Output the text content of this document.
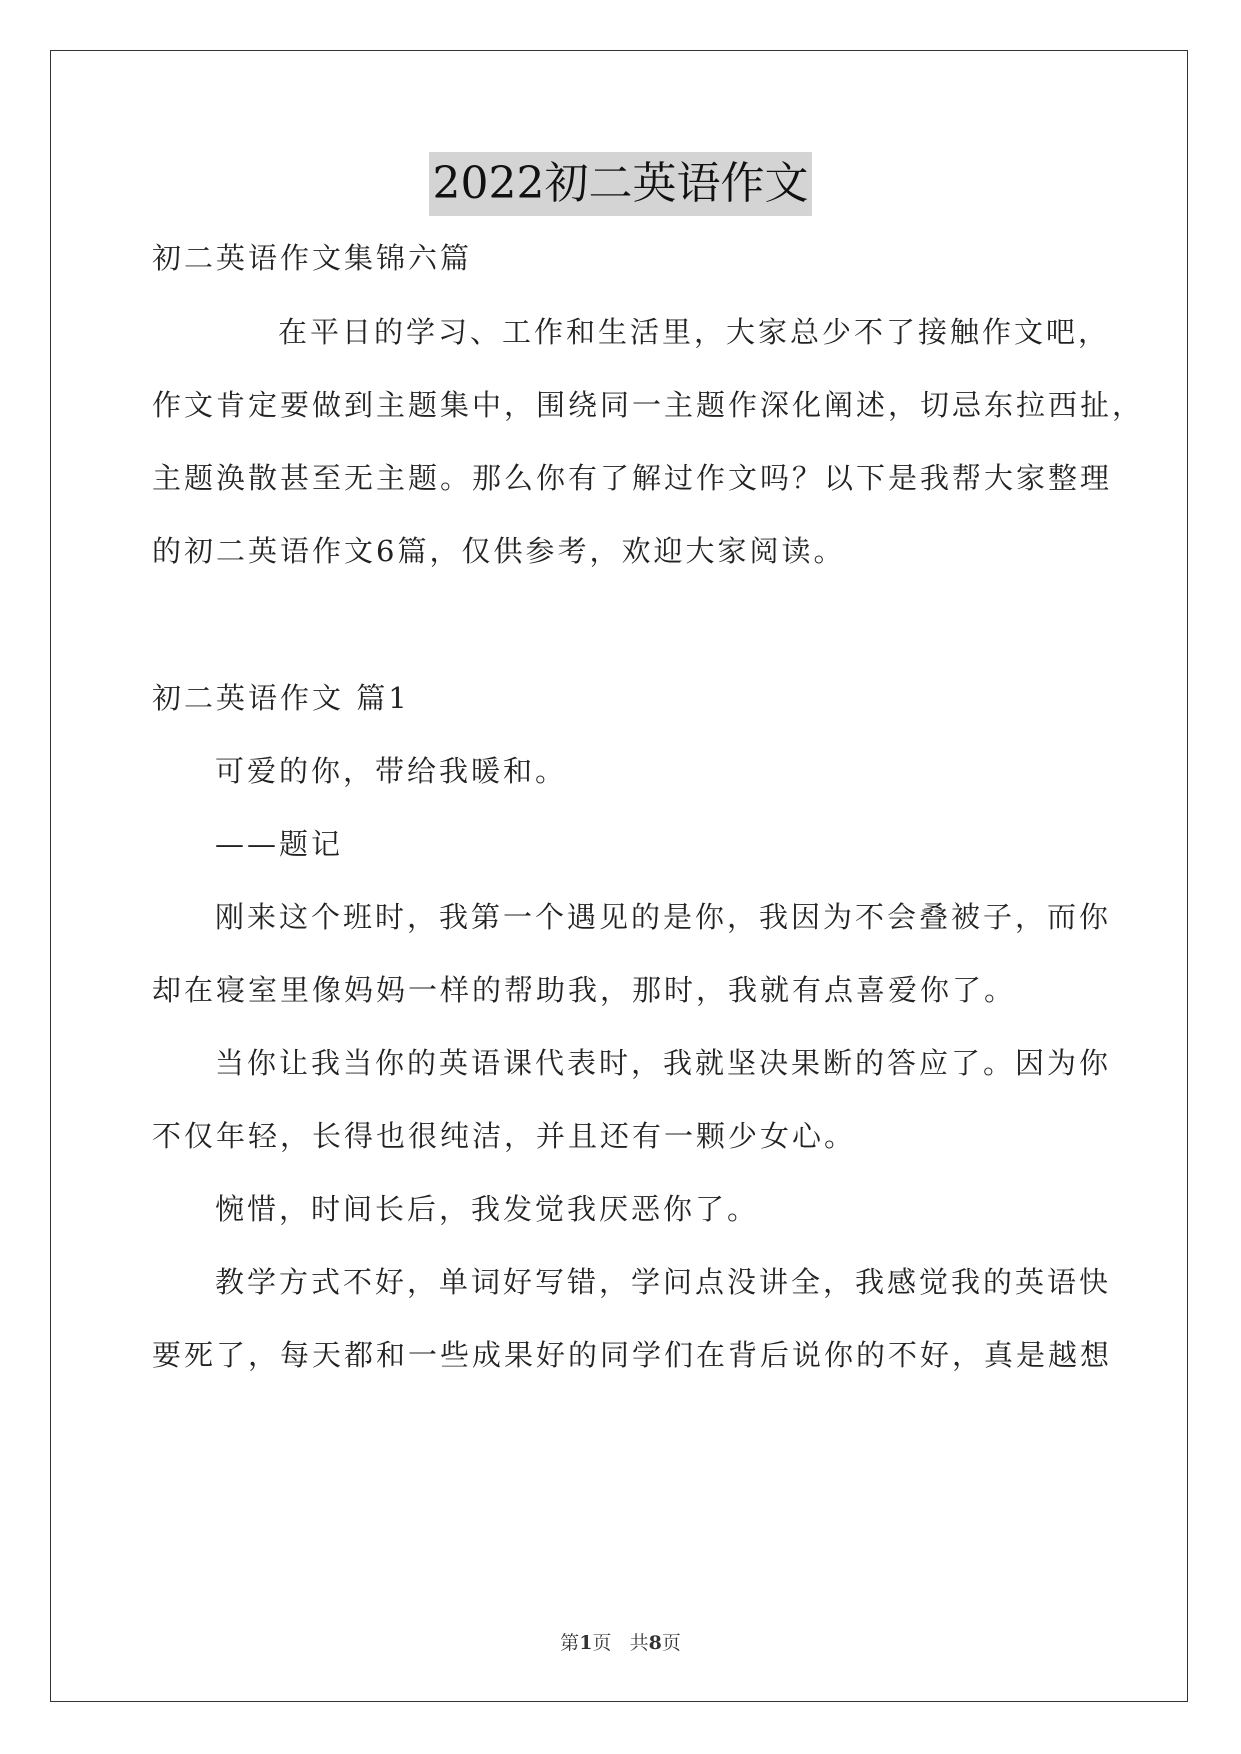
2022初二英语作文
初二英语作文集锦六篇
在平日的学习、工作和生活里，大家总少不了接触作文吧，
作文肯定要做到主题集中，围绕同一主题作深化阐述，切忌东拉西扯，
主题涣散甚至无主题。那么你有了解过作文吗？以下是我帮大家整理
的初二英语作文6篇，仅供参考，欢迎大家阅读。
初二英语作文 篇1
可爱的你，带给我暖和。
——题记
刚来这个班时，我第一个遇见的是你，我因为不会叠被子，而你
却在寝室里像妈妈一样的帮助我，那时，我就有点喜爱你了。
当你让我当你的英语课代表时，我就坚决果断的答应了。因为你
不仅年轻，长得也很纯洁，并且还有一颗少女心。
惋惜，时间长后，我发觉我厌恶你了。
教学方式不好，单词好写错，学问点没讲全，我感觉我的英语快
要死了，每天都和一些成果好的同学们在背后说你的不好，真是越想
第1页 共8页
